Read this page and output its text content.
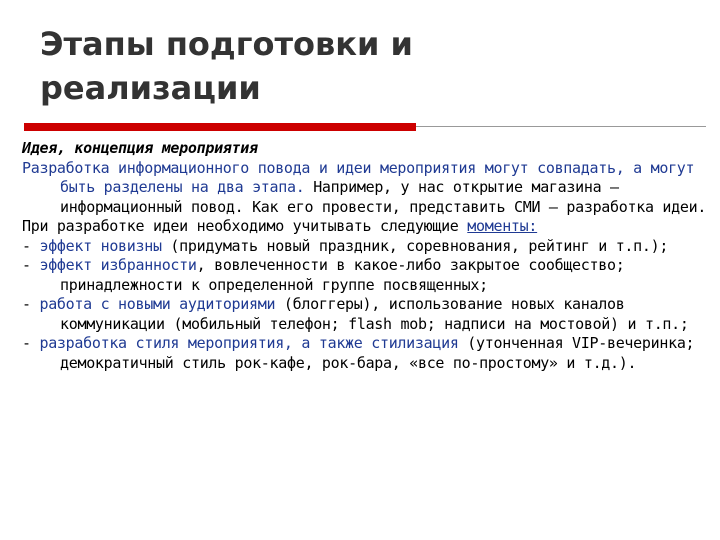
Этапы подготовки и
реализации

Идея, концепция мероприятия

Разработка информационного повода и идеи мероприятия могут совпадать, а могут быть разделены на два этапа. Например, у нас открытие магазина — информационный повод. Как его провести, представить СМИ — разработка идеи.

При разработке идеи необходимо учитывать следующие моменты:

- эффект новизны (придумать новый праздник, соревнования, рейтинг и т.п.);

- эффект избранности, вовлеченности в какое-либо закрытое сообщество; принадлежности к определенной группе посвященных;

- работа с новыми аудиториями (блоггеры), использование новых каналов коммуникации (мобильный телефон; flash mob; надписи на мостовой) и т.п.;

- разработка стиля мероприятия, а также стилизация (утонченная VIP-вечеринка; демократичный стиль рок-кафе, рок-бара, «все по-простому» и т.д.).
